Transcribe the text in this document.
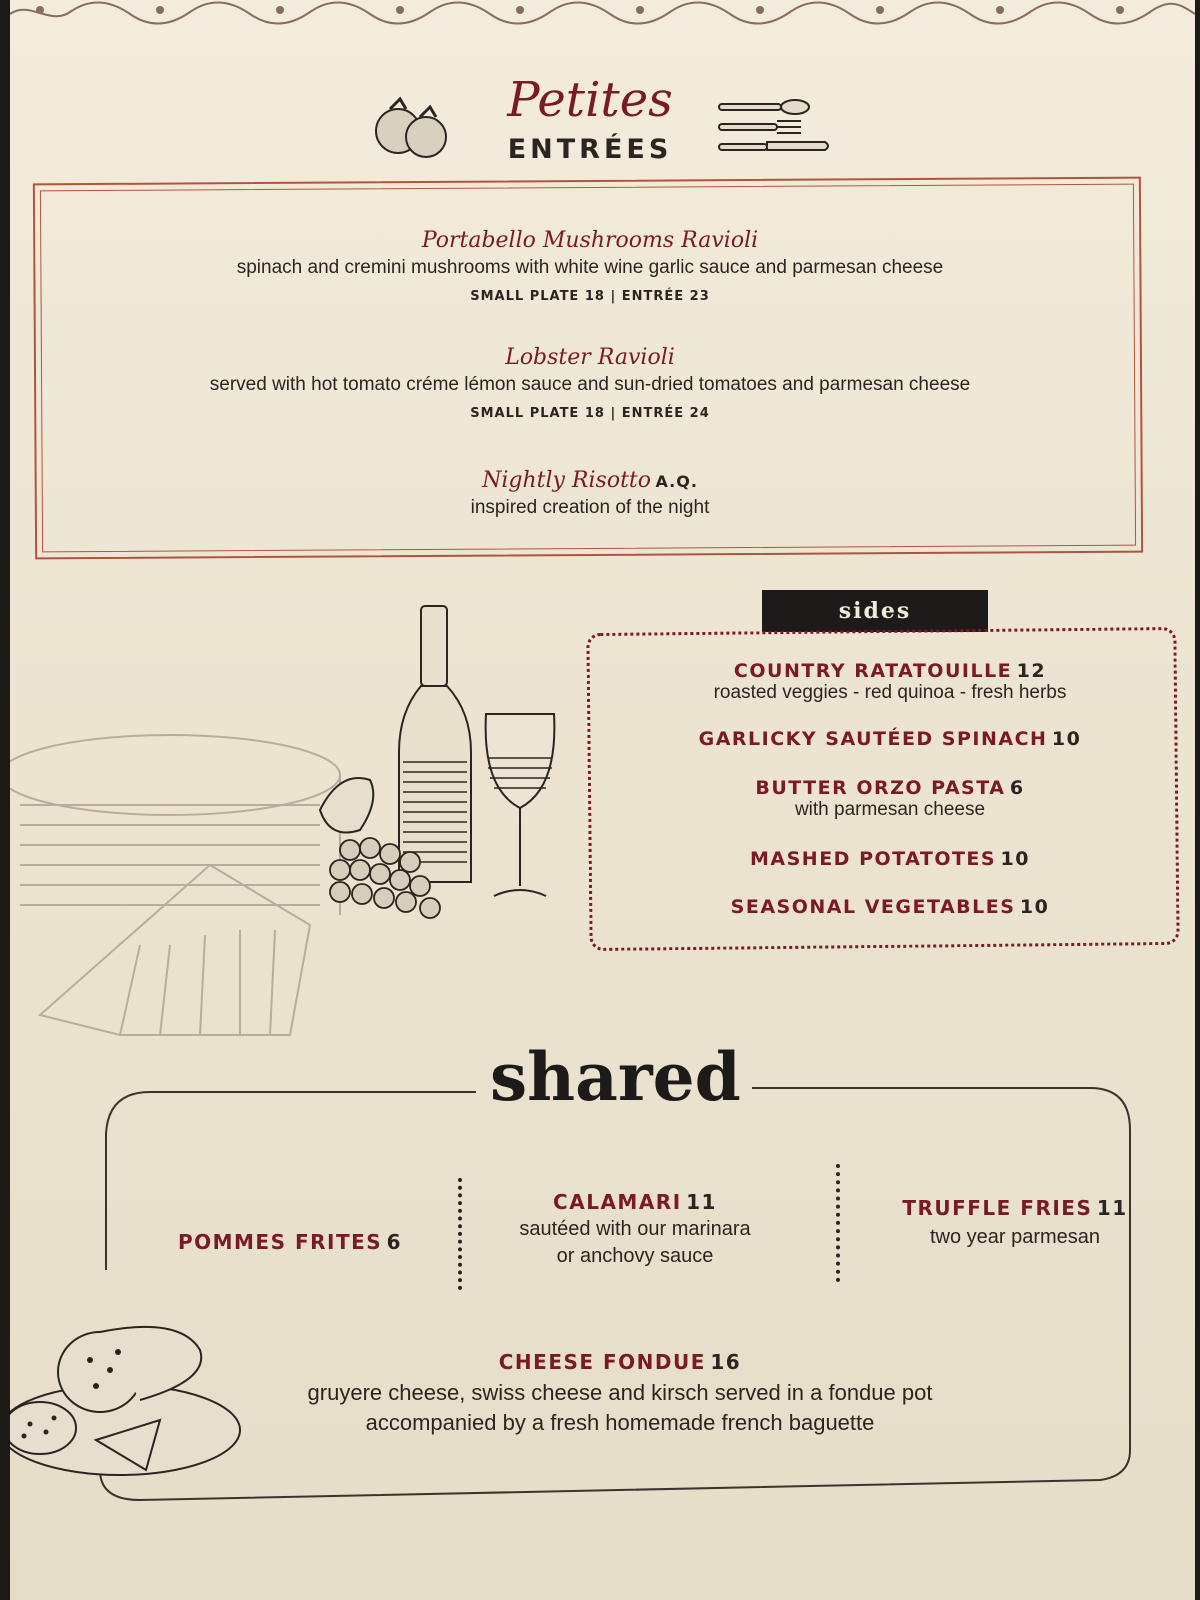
Petites
ENTRÉES
Portabello Mushrooms Ravioli
spinach and cremini mushrooms with white wine garlic sauce and parmesan cheese
SMALL PLATE 18 | ENTRÉE 23
Lobster Ravioli
served with hot tomato créme lémon sauce and sun-dried tomatoes and parmesan cheese
SMALL PLATE 18 | ENTRÉE 24
Nightly Risotto A.Q.
inspired creation of the night
sides
COUNTRY RATATOUILLE 12
roasted veggies - red quinoa - fresh herbs
GARLICKY SAUTÉED SPINACH 10
BUTTER ORZO PASTA 6
with parmesan cheese
MASHED POTATOTES 10
SEASONAL VEGETABLES 10
shared
POMMES FRITES 6
CALAMARI 11
sautéed with our marinara
or anchovy sauce
TRUFFLE FRIES 11
two year parmesan
CHEESE FONDUE 16
gruyere cheese, swiss cheese and kirsch served in a fondue pot
accompanied by a fresh homemade french baguette
